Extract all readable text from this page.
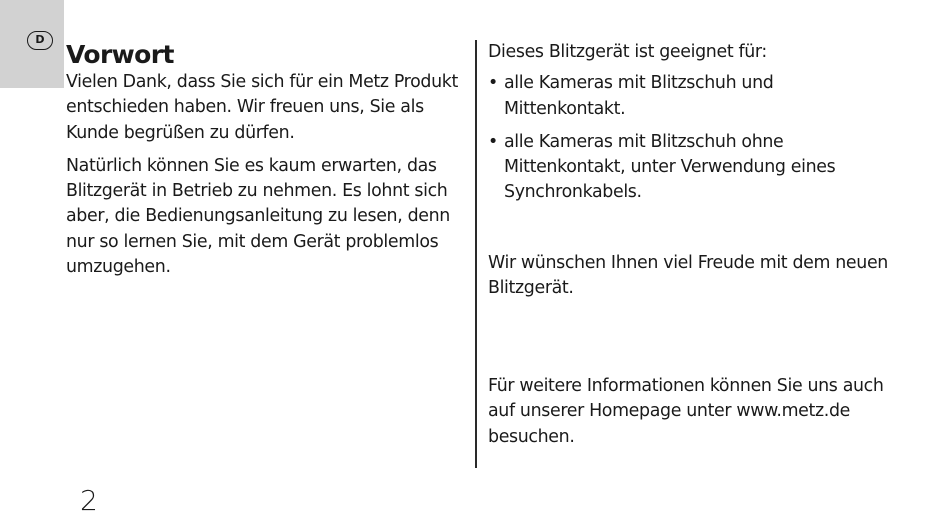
D
Vorwort

Vielen Dank, dass Sie sich für ein Metz Produkt entschieden haben. Wir freuen uns, Sie als Kunde begrüßen zu dürfen.

Natürlich können Sie es kaum erwarten, das Blitzgerät in Betrieb zu nehmen. Es lohnt sich aber, die Bedienungsanleitung zu lesen, denn nur so lernen Sie, mit dem Gerät problemlos umzugehen.

Dieses Blitzgerät ist geeignet für:

• alle Kameras mit Blitzschuh und Mittenkontakt.
• alle Kameras mit Blitzschuh ohne Mittenkontakt, unter Verwendung eines Synchronkabels.

Wir wünschen Ihnen viel Freude mit dem neuen Blitzgerät.

Für weitere Informationen können Sie uns auch auf unserer Homepage unter www.metz.de besuchen.

2
